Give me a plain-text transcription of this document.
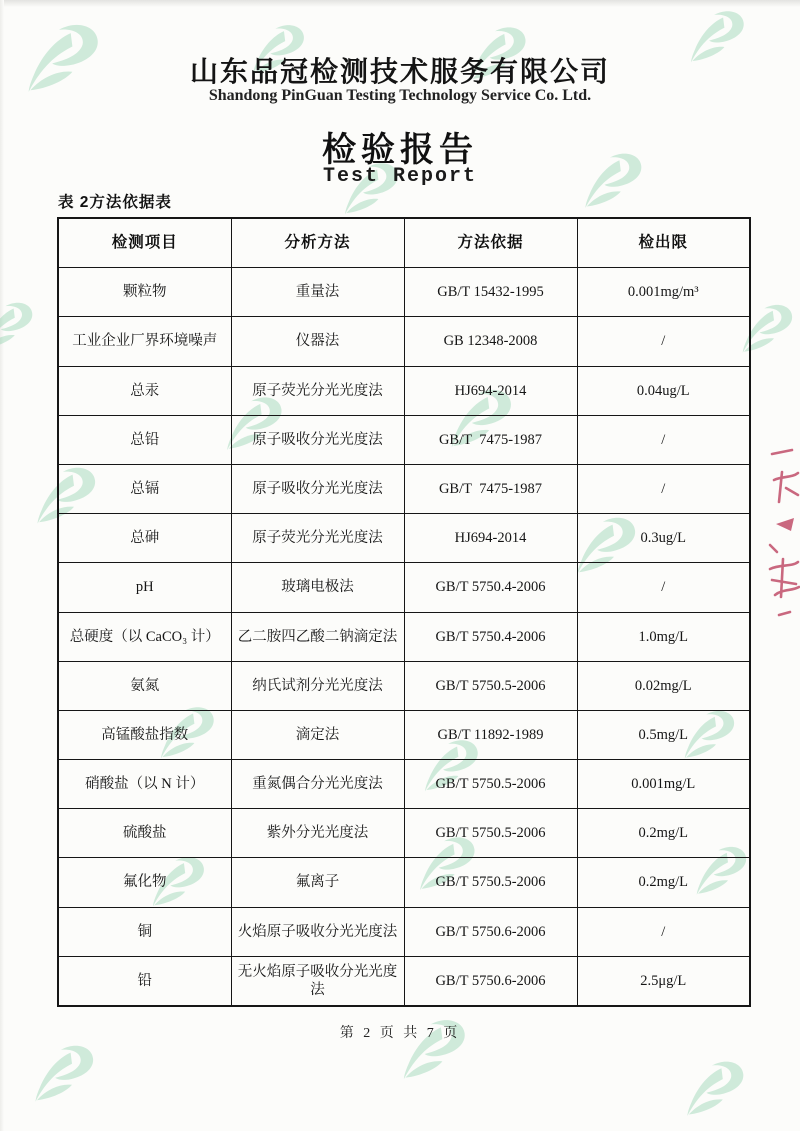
山东品冠检测技术服务有限公司
Shandong PinGuan Testing Technology Service Co. Ltd.
检验报告
Test Report
表 2方法依据表
检测项目	分析方法	方法依据	检出限
颗粒物	重量法	GB/T 15432-1995	0.001mg/m³
工业企业厂界环境噪声	仪器法	GB 12348-2008	/
总汞	原子荧光分光光度法	HJ694-2014	0.04ug/L
总铅	原子吸收分光光度法	GB/T  7475-1987	/
总镉	原子吸收分光光度法	GB/T  7475-1987	/
总砷	原子荧光分光光度法	HJ694-2014	0.3ug/L
pH	玻璃电极法	GB/T 5750.4-2006	/
总硬度（以 CaCO₃ 计）	乙二胺四乙酸二钠滴定法	GB/T 5750.4-2006	1.0mg/L
氨氮	纳氏试剂分光光度法	GB/T 5750.5-2006	0.02mg/L
高锰酸盐指数	滴定法	GB/T 11892-1989	0.5mg/L
硝酸盐（以 N 计）	重氮偶合分光光度法	GB/T 5750.5-2006	0.001mg/L
硫酸盐	紫外分光光度法	GB/T 5750.5-2006	0.2mg/L
氟化物	氟离子	GB/T 5750.5-2006	0.2mg/L
铜	火焰原子吸收分光光度法	GB/T 5750.6-2006	/
铅	无火焰原子吸收分光光度法	GB/T 5750.6-2006	2.5μg/L
第 2 页 共 7 页
